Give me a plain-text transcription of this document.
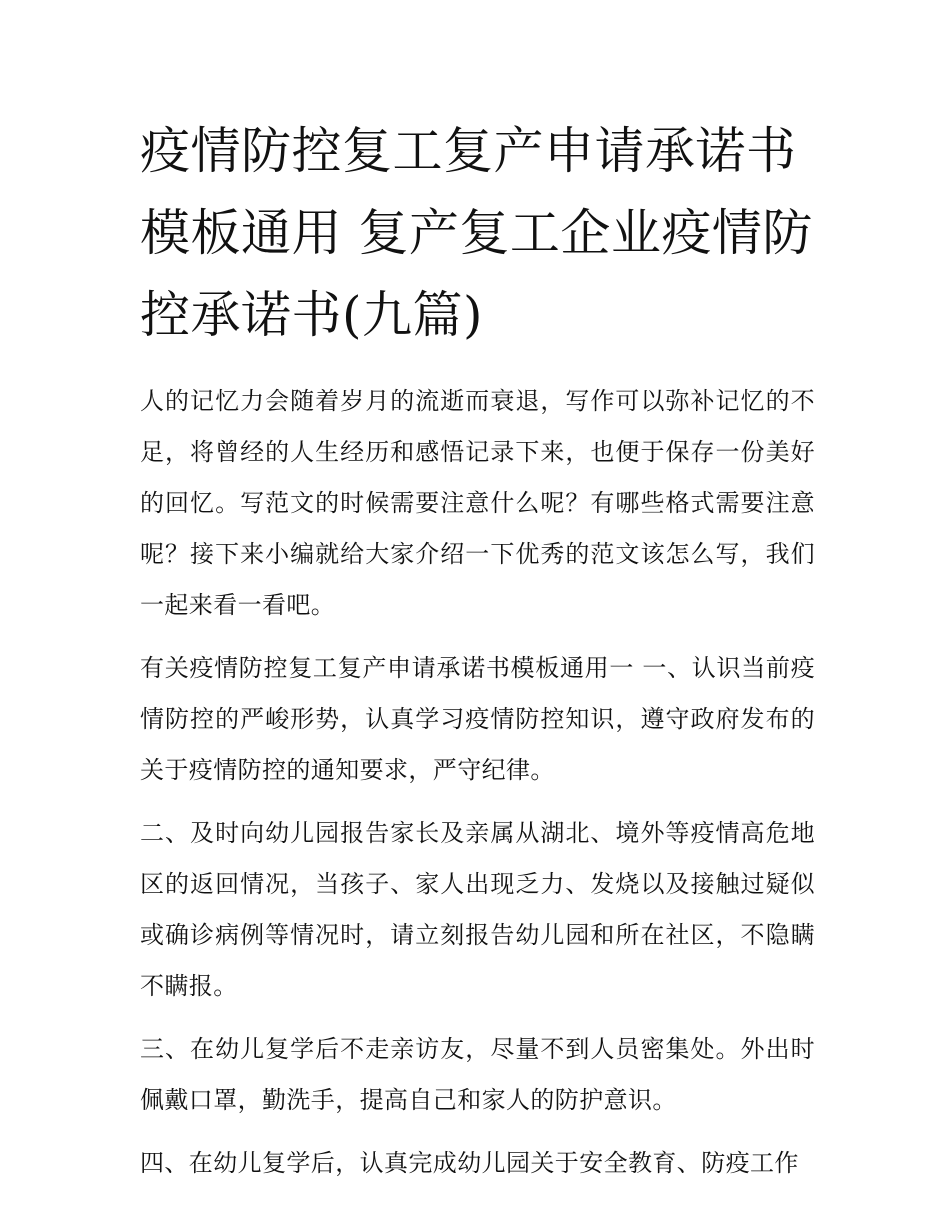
疫情防控复工复产申请承诺书模板通用 复产复工企业疫情防控承诺书(九篇)

人的记忆力会随着岁月的流逝而衰退，写作可以弥补记忆的不足，将曾经的人生经历和感悟记录下来，也便于保存一份美好的回忆。写范文的时候需要注意什么呢？有哪些格式需要注意呢？接下来小编就给大家介绍一下优秀的范文该怎么写，我们一起来看一看吧。

有关疫情防控复工复产申请承诺书模板通用一 一、认识当前疫情防控的严峻形势，认真学习疫情防控知识，遵守政府发布的关于疫情防控的通知要求，严守纪律。

二、及时向幼儿园报告家长及亲属从湖北、境外等疫情高危地区的返回情况，当孩子、家人出现乏力、发烧以及接触过疑似或确诊病例等情况时，请立刻报告幼儿园和所在社区，不隐瞒不瞒报。

三、在幼儿复学后不走亲访友，尽量不到人员密集处。外出时佩戴口罩，勤洗手，提高自己和家人的防护意识。

四、在幼儿复学后，认真完成幼儿园关于安全教育、防疫工作
